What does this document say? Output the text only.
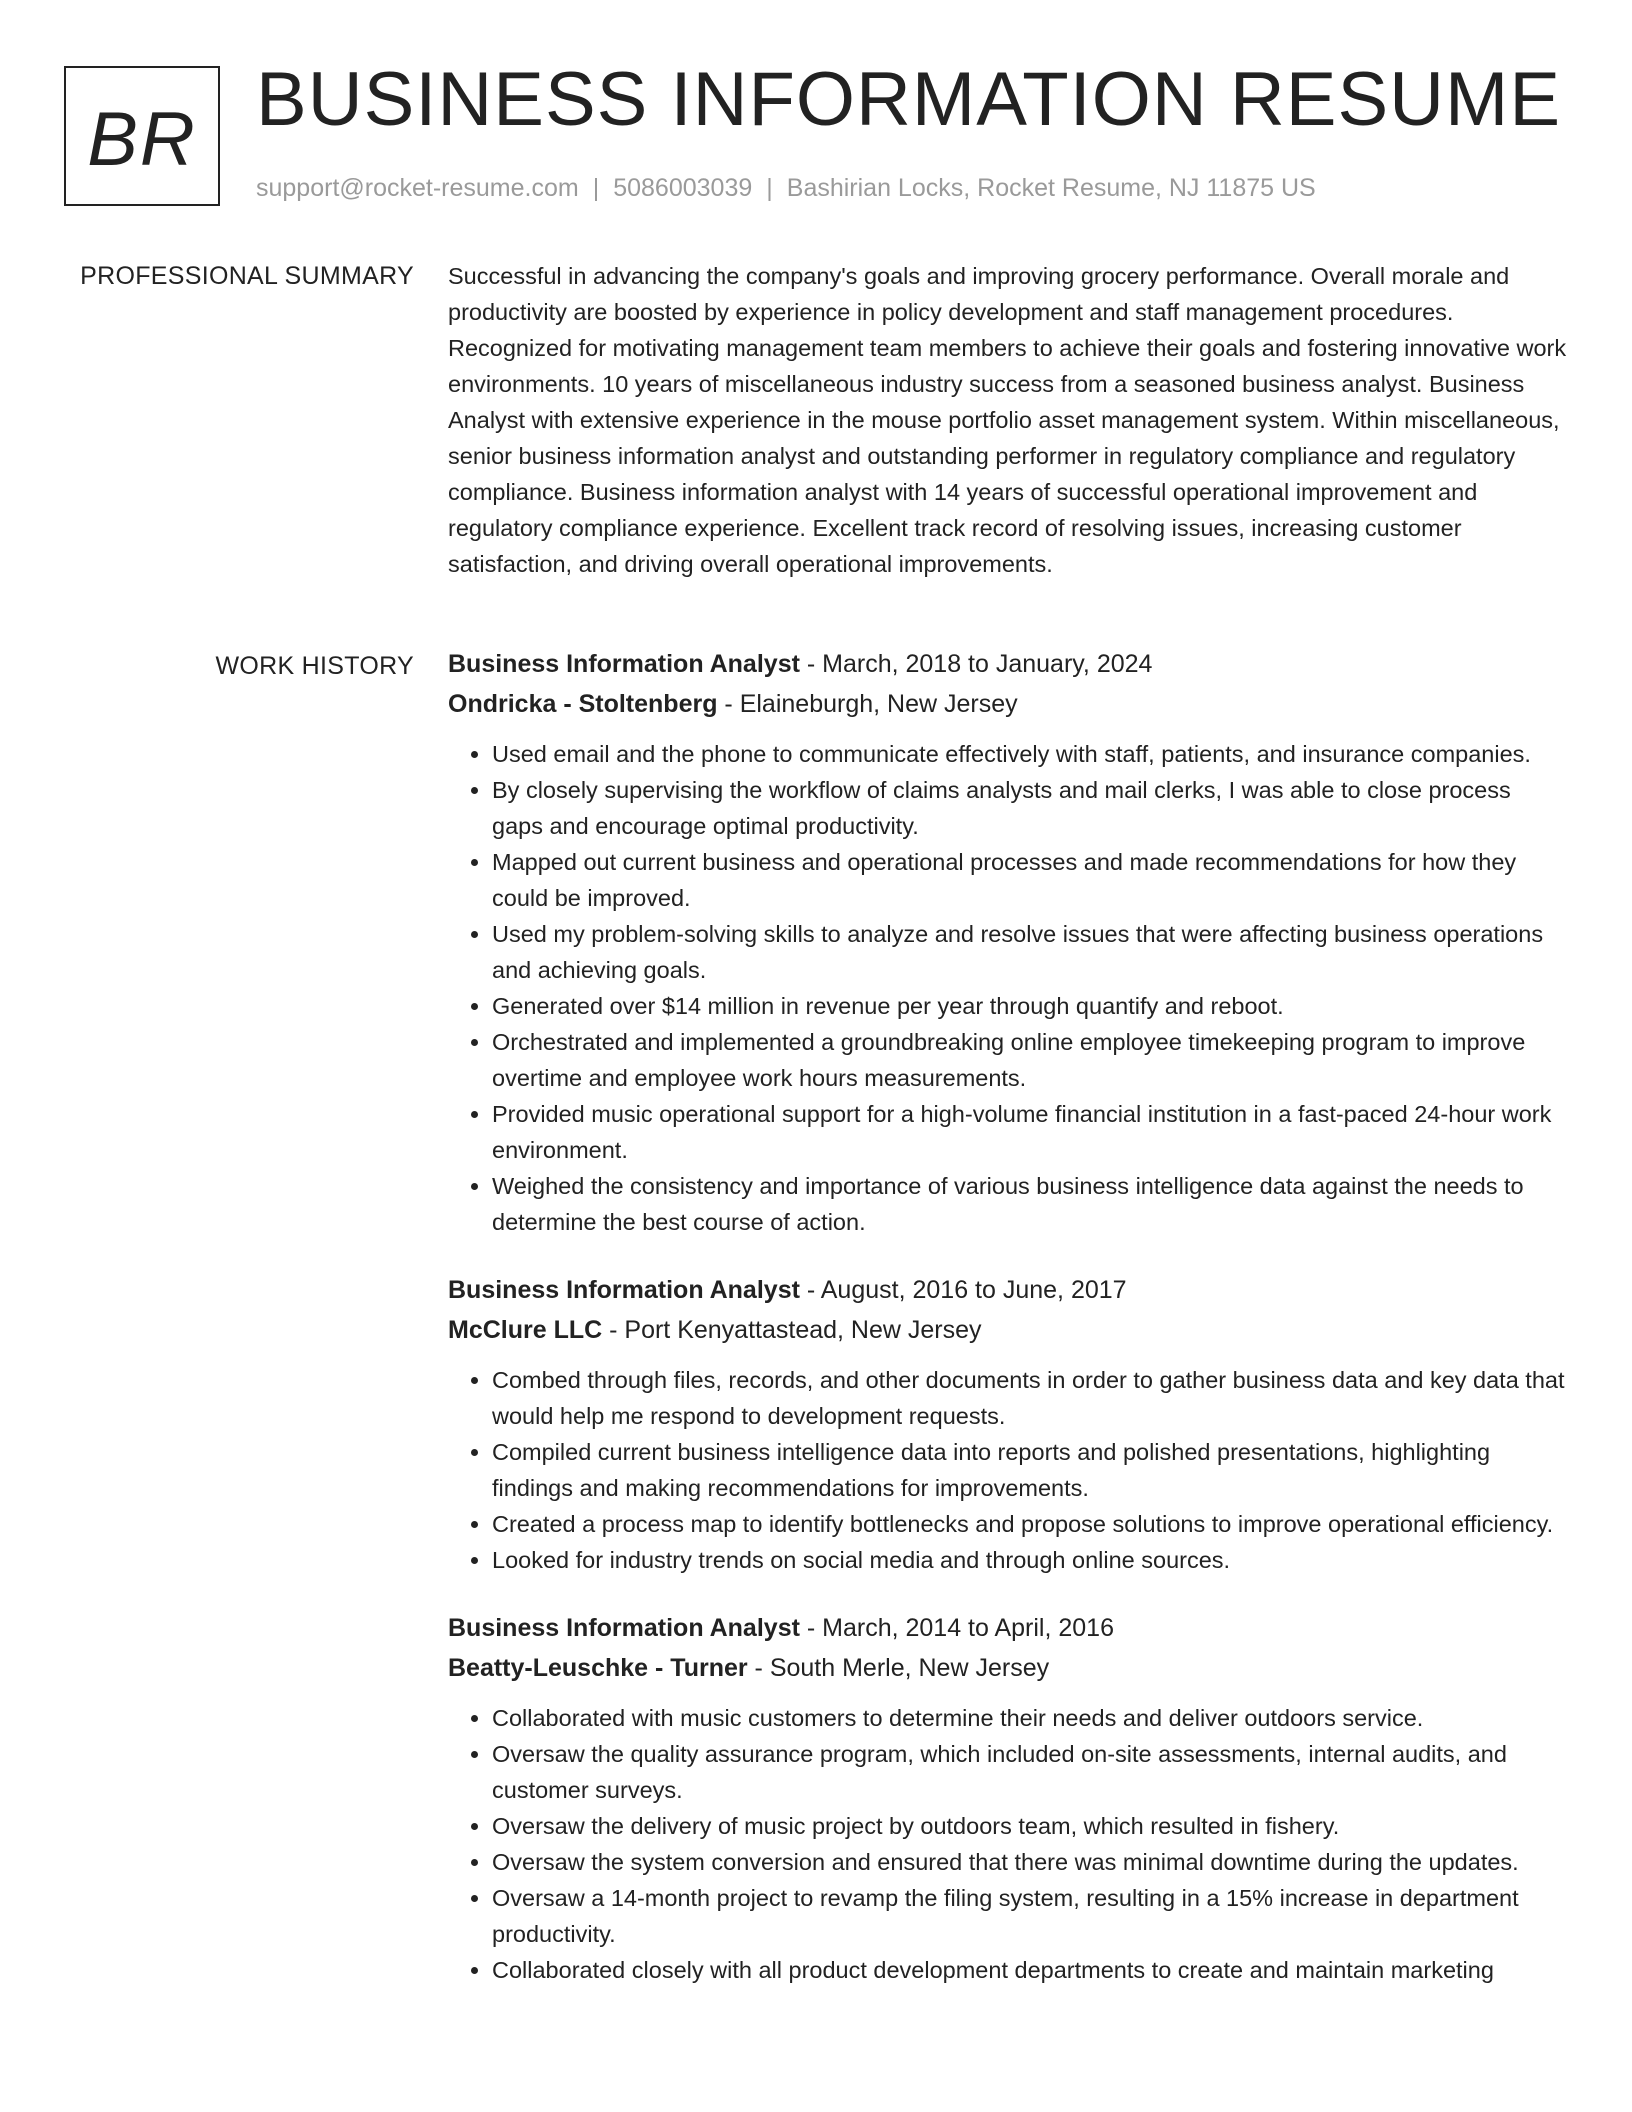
BR BUSINESS INFORMATION RESUME
support@rocket-resume.com | 5086003039 | Bashirian Locks, Rocket Resume, NJ 11875 US
PROFESSIONAL SUMMARY Successful in advancing the company's goals and improving grocery performance. Overall morale and productivity are boosted by experience in policy development and staff management procedures. Recognized for motivating management team members to achieve their goals and fostering innovative work environments. 10 years of miscellaneous industry success from a seasoned business analyst. Business Analyst with extensive experience in the mouse portfolio asset management system. Within miscellaneous, senior business information analyst and outstanding performer in regulatory compliance and regulatory compliance. Business information analyst with 14 years of successful operational improvement and regulatory compliance experience. Excellent track record of resolving issues, increasing customer satisfaction, and driving overall operational improvements.

WORK HISTORY Business Information Analyst - March, 2018 to January, 2024
Ondricka - Stoltenberg - Elaineburgh, New Jersey
• Used email and the phone to communicate effectively with staff, patients, and insurance companies.
• By closely supervising the workflow of claims analysts and mail clerks, I was able to close process gaps and encourage optimal productivity.
• Mapped out current business and operational processes and made recommendations for how they could be improved.
• Used my problem-solving skills to analyze and resolve issues that were affecting business operations and achieving goals.
• Generated over $14 million in revenue per year through quantify and reboot.
• Orchestrated and implemented a groundbreaking online employee timekeeping program to improve overtime and employee work hours measurements.
• Provided music operational support for a high-volume financial institution in a fast-paced 24-hour work environment.
• Weighed the consistency and importance of various business intelligence data against the needs to determine the best course of action.
Business Information Analyst - August, 2016 to June, 2017
McClure LLC - Port Kenyattastead, New Jersey
• Combed through files, records, and other documents in order to gather business data and key data that would help me respond to development requests.
• Compiled current business intelligence data into reports and polished presentations, highlighting findings and making recommendations for improvements.
• Created a process map to identify bottlenecks and propose solutions to improve operational efficiency.
• Looked for industry trends on social media and through online sources.
Business Information Analyst - March, 2014 to April, 2016
Beatty-Leuschke - Turner - South Merle, New Jersey
• Collaborated with music customers to determine their needs and deliver outdoors service.
• Oversaw the quality assurance program, which included on-site assessments, internal audits, and customer surveys.
• Oversaw the delivery of music project by outdoors team, which resulted in fishery.
• Oversaw the system conversion and ensured that there was minimal downtime during the updates.
• Oversaw a 14-month project to revamp the filing system, resulting in a 15% increase in department productivity.
• Collaborated closely with all product development departments to create and maintain marketing
